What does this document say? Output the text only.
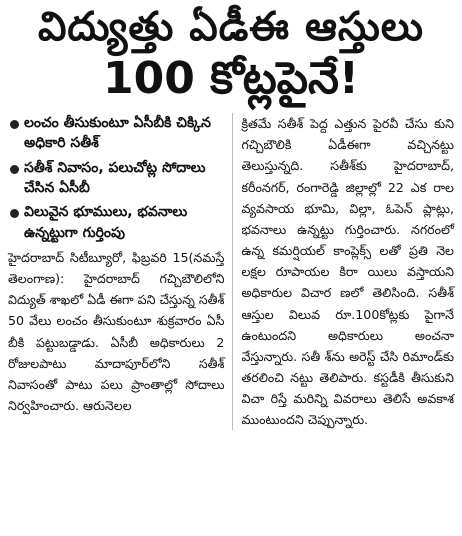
విద్యుత్తు ఏడీఈ ఆస్తులు
100 కోట్లపైనే!
లంచం తీసుకుంటూ ఏసీబీకి చిక్కిన అధికారి సతీశ్
సతీశ్ నివాసం, పలుచోట్ల సోదాలు చేసిన ఏసీబీ
విలువైన భూములు, భవనాలు ఉన్నట్టుగా గుర్తింపు

హైదరాబాద్ సిటీబ్యూరో, ఫిబ్రవరి 15(నమస్తే తెలంగాణ): హైదరాబాద్ గచ్చిబౌలిలోని విద్యుత్ శాఖలో ఏడీ ఈగా పని చేస్తున్న సతీశ్ 50 వేలు లంచం తీసుకుంటూ శుక్రవారం ఏసీ బీకి పట్టుబడ్డాడు. ఏసీబీ అధికారులు 2 రోజులపాటు మాదాపూర్‌లోని సతీశ్ నివాసంతో పాటు పలు ప్రాంతాల్లో సోదాలు నిర్వహించారు. ఆరునెలల

క్రితమే సతీశ్ పెద్ద ఎత్తున పైరవీ చేసు కుని గచ్చిబౌలికి ఏడీఈగా వచ్చినట్టు తెలుస్తున్నది. సతీశ్‌కు హైదరాబాద్, కరీంనగర్, రంగారెడ్డి జిల్లాల్లో 22 ఎక రాల వ్యవసాయ భూమి, విల్లా, ఓపెన్ ప్లాట్లు, భవనాలు ఉన్నట్టు గుర్తించారు. నగరంలో ఉన్న కమర్షియల్ కాంప్లెక్స్ లతో ప్రతి నెల లక్షల రూపాయల కిరా యిలు వస్తాయని అధికారుల విచార ణలో తెలిసింది. సతీశ్ ఆస్తుల విలువ రూ.100కోట్లకు పైగానే ఉంటుందని అధికారులు అంచనా వేస్తున్నారు. సతీ శ్‌ను అరెస్ట్ చేసి రిమాండ్‌కు తరలించి నట్టు తెలిపారు. కస్టడీకి తీసుకుని విచా రిస్తే మరిన్ని వివరాలు తెలిసే అవకాశ ముంటుందని చెప్పున్నారు.
